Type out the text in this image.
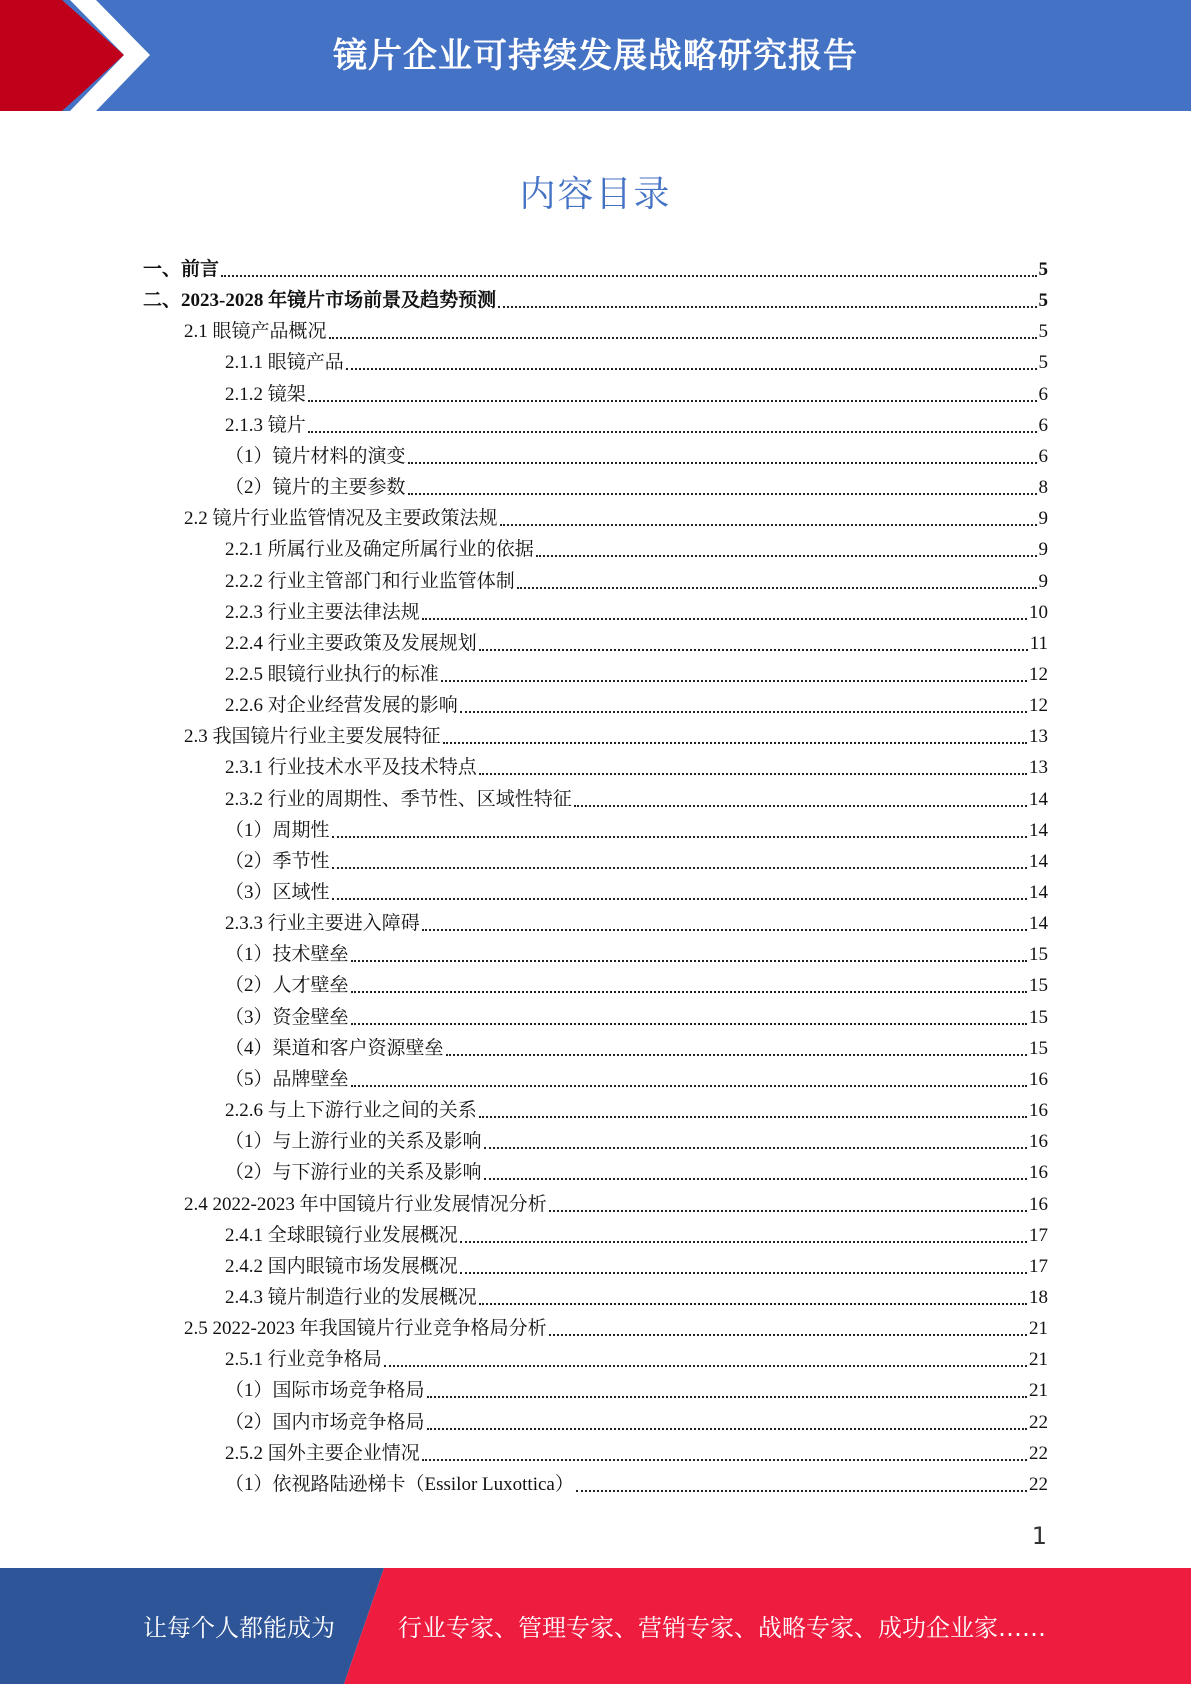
镜片企业可持续发展战略研究报告
内容目录
一、前言	5
二、2023-2028 年镜片市场前景及趋势预测	5
2.1 眼镜产品概况	5
2.1.1 眼镜产品	5
2.1.2 镜架	6
2.1.3 镜片	6
（1）镜片材料的演变	6
（2）镜片的主要参数	8
2.2 镜片行业监管情况及主要政策法规	9
2.2.1 所属行业及确定所属行业的依据	9
2.2.2 行业主管部门和行业监管体制	9
2.2.3 行业主要法律法规	10
2.2.4 行业主要政策及发展规划	11
2.2.5 眼镜行业执行的标准	12
2.2.6 对企业经营发展的影响	12
2.3 我国镜片行业主要发展特征	13
2.3.1 行业技术水平及技术特点	13
2.3.2 行业的周期性、季节性、区域性特征	14
（1）周期性	14
（2）季节性	14
（3）区域性	14
2.3.3 行业主要进入障碍	14
（1）技术壁垒	15
（2）人才壁垒	15
（3）资金壁垒	15
（4）渠道和客户资源壁垒	15
（5）品牌壁垒	16
2.2.6 与上下游行业之间的关系	16
（1）与上游行业的关系及影响	16
（2）与下游行业的关系及影响	16
2.4 2022-2023 年中国镜片行业发展情况分析	16
2.4.1 全球眼镜行业发展概况	17
2.4.2 国内眼镜市场发展概况	17
2.4.3 镜片制造行业的发展概况	18
2.5 2022-2023 年我国镜片行业竞争格局分析	21
2.5.1 行业竞争格局	21
（1）国际市场竞争格局	21
（2）国内市场竞争格局	22
2.5.2 国外主要企业情况	22
（1）依视路陆逊梯卡（Essilor Luxottica）	22
1
让每个人都能成为	行业专家、管理专家、营销专家、战略专家、成功企业家……
